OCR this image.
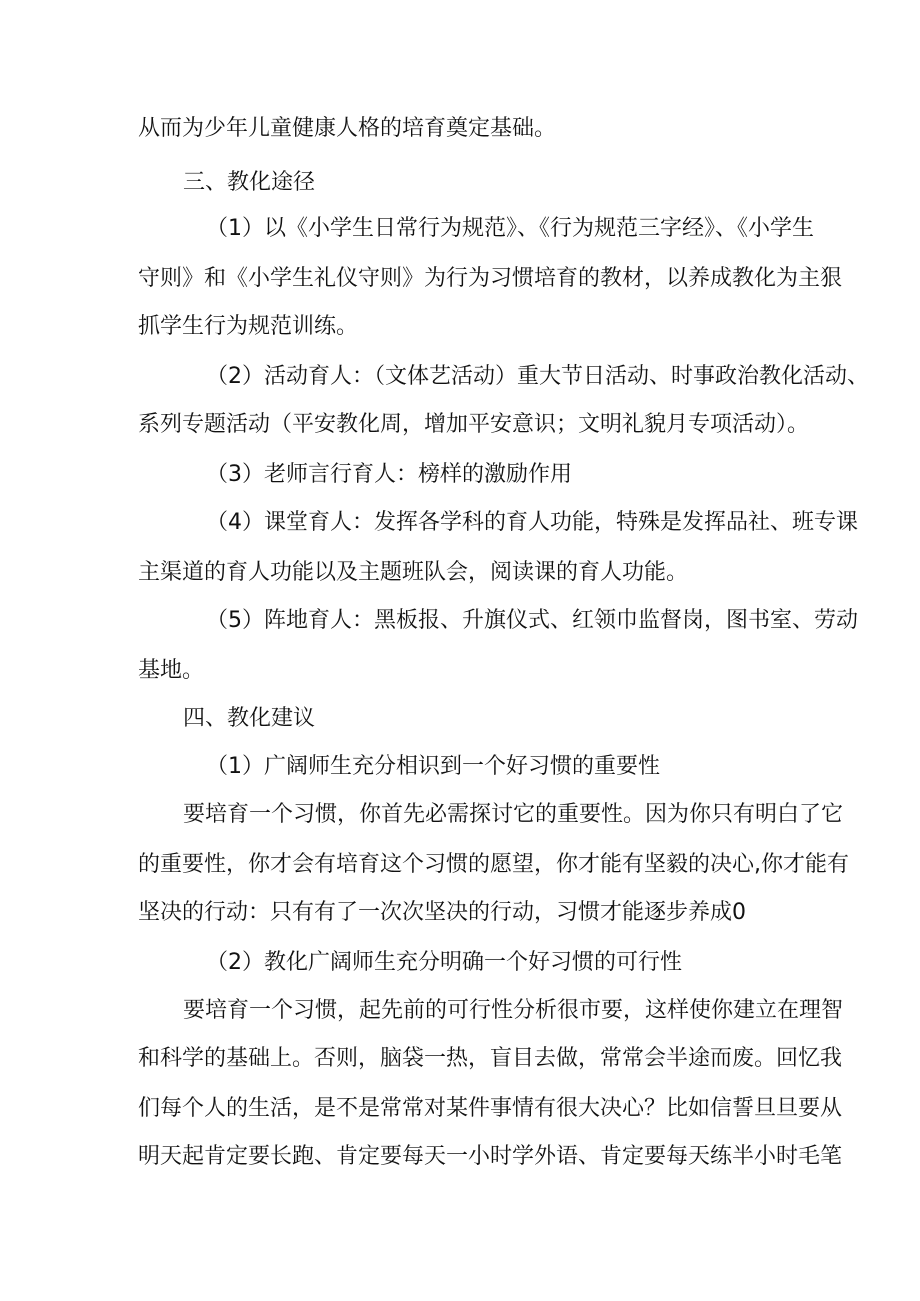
从而为少年儿童健康人格的培育奠定基础。
三、教化途径
（1）以《小学生日常行为规范》、《行为规范三字经》、《小学生
守则》和《小学生礼仪守则》为行为习惯培育的教材，以养成教化为主狠
抓学生行为规范训练。
（2）活动育人：（文体艺活动）重大节日活动、时事政治教化活动、
系列专题活动（平安教化周，增加平安意识；文明礼貌月专项活动）。
（3）老师言行育人：榜样的激励作用
（4）课堂育人：发挥各学科的育人功能，特殊是发挥品社、班专课
主渠道的育人功能以及主题班队会，阅读课的育人功能。
（5）阵地育人：黑板报、升旗仪式、红领巾监督岗，图书室、劳动
基地。
四、教化建议
（1）广阔师生充分相识到一个好习惯的重要性
要培育一个习惯，你首先必需探讨它的重要性。因为你只有明白了它
的重要性，你才会有培育这个习惯的愿望，你才能有坚毅的决心,你才能有
坚决的行动：只有有了一次次坚决的行动，习惯才能逐步养成0
（2）教化广阔师生充分明确一个好习惯的可行性
要培育一个习惯，起先前的可行性分析很市要，这样使你建立在理智
和科学的基础上。否则，脑袋一热，盲目去做，常常会半途而废。回忆我
们每个人的生活，是不是常常对某件事情有很大决心？比如信誓旦旦要从
明天起肯定要长跑、肯定要每天一小时学外语、肯定要每天练半小时毛笔
